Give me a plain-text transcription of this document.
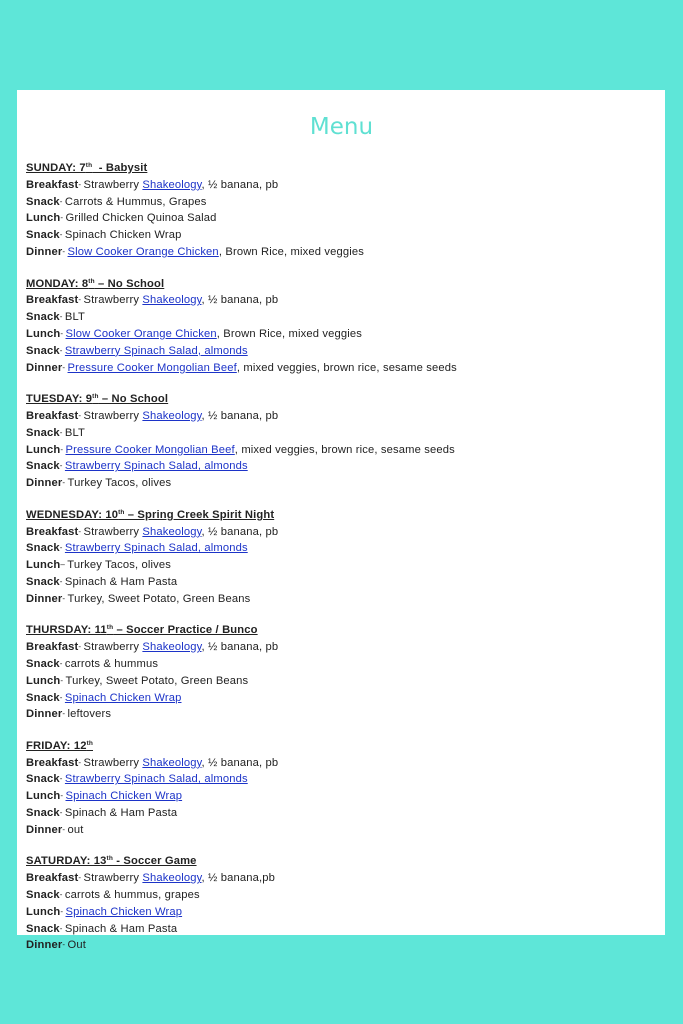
Menu
SUNDAY: 7th  - Babysit
Breakfast- Strawberry Shakeology, ½ banana, pb
Snack- Carrots & Hummus, Grapes
Lunch- Grilled Chicken Quinoa Salad
Snack- Spinach Chicken Wrap
Dinner- Slow Cooker Orange Chicken, Brown Rice, mixed veggies
MONDAY: 8th – No School
Breakfast- Strawberry Shakeology, ½ banana, pb
Snack- BLT
Lunch- Slow Cooker Orange Chicken, Brown Rice, mixed veggies
Snack- Strawberry Spinach Salad, almonds
Dinner- Pressure Cooker Mongolian Beef, mixed veggies, brown rice, sesame seeds
TUESDAY: 9th – No School
Breakfast- Strawberry Shakeology, ½ banana, pb
Snack- BLT
Lunch- Pressure Cooker Mongolian Beef, mixed veggies, brown rice, sesame seeds
Snack- Strawberry Spinach Salad, almonds
Dinner- Turkey Tacos, olives
WEDNESDAY: 10th – Spring Creek Spirit Night
Breakfast- Strawberry Shakeology, ½ banana, pb
Snack- Strawberry Spinach Salad, almonds
Lunch– Turkey Tacos, olives
Snack- Spinach & Ham Pasta
Dinner- Turkey, Sweet Potato, Green Beans
THURSDAY: 11th – Soccer Practice / Bunco
Breakfast- Strawberry Shakeology, ½ banana, pb
Snack- carrots & hummus
Lunch- Turkey, Sweet Potato, Green Beans
Snack- Spinach Chicken Wrap
Dinner- leftovers
FRIDAY: 12th
Breakfast- Strawberry Shakeology, ½ banana, pb
Snack- Strawberry Spinach Salad, almonds
Lunch- Spinach Chicken Wrap
Snack- Spinach & Ham Pasta
Dinner- out
SATURDAY: 13th - Soccer Game
Breakfast- Strawberry Shakeology, ½ banana,pb
Snack- carrots & hummus, grapes
Lunch- Spinach Chicken Wrap
Snack- Spinach & Ham Pasta
Dinner- Out
